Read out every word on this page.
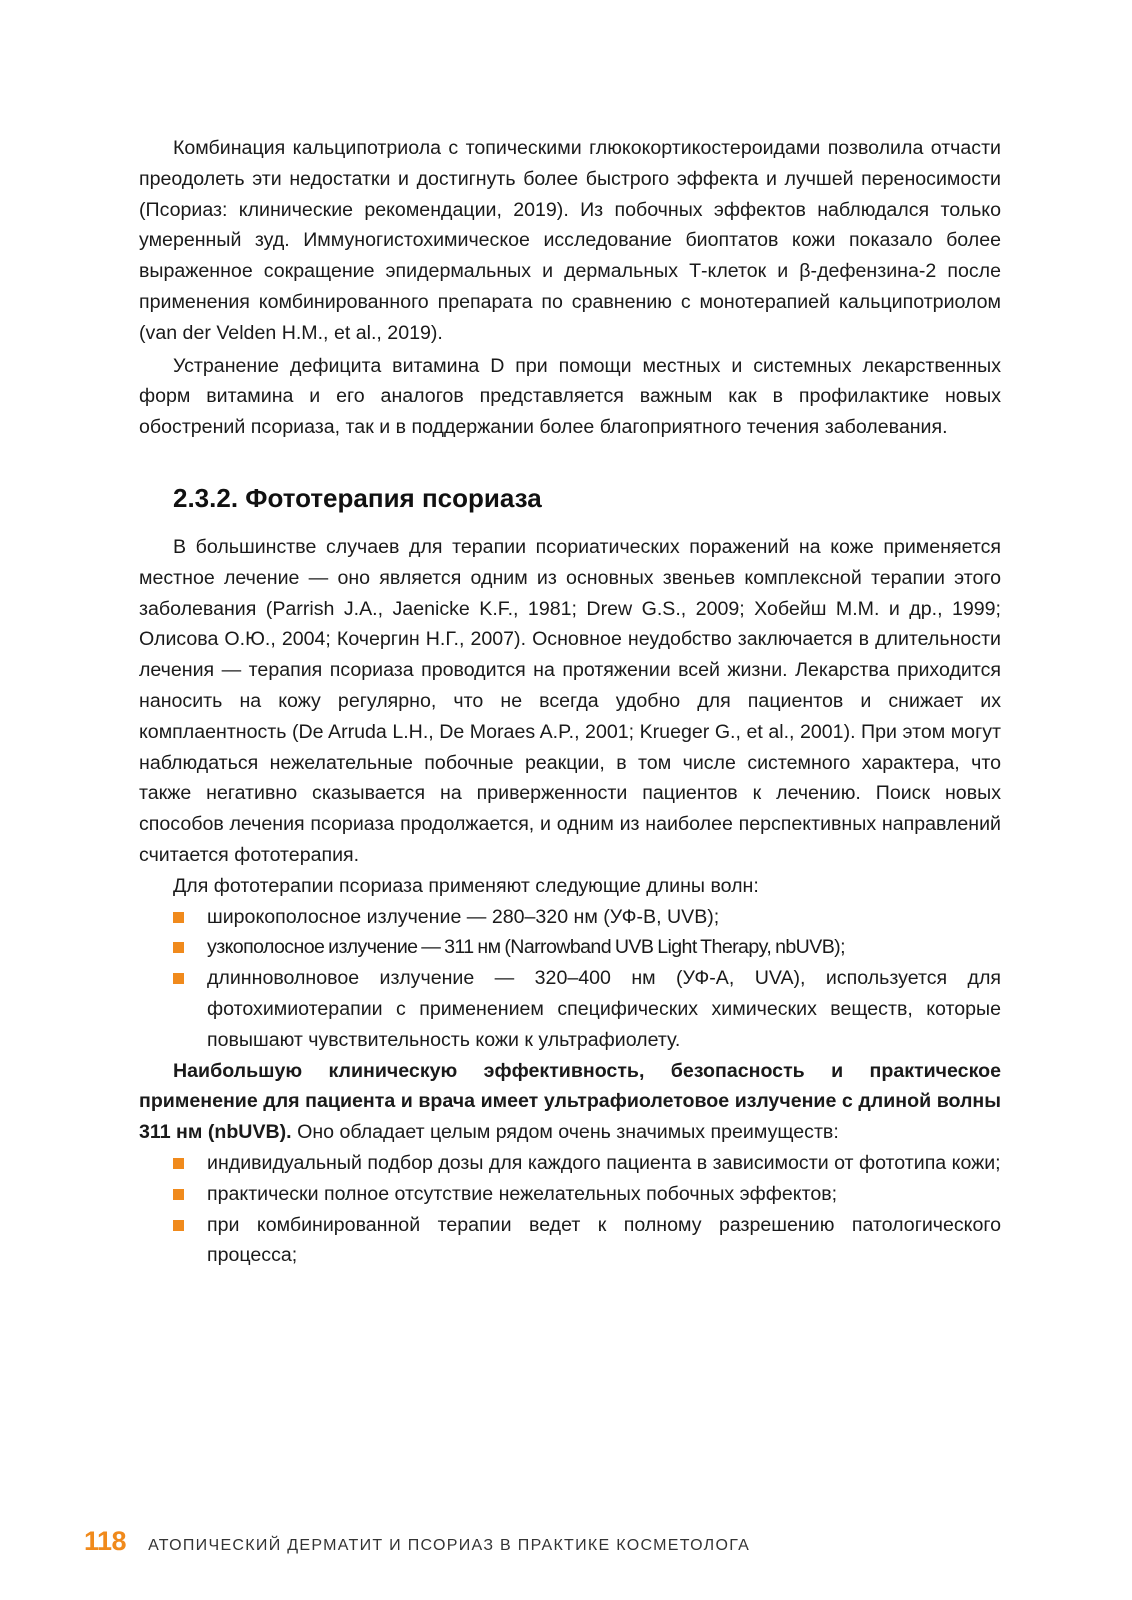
Комбинация кальципотриола с топическими глюкокортикостероидами позволила отчасти преодолеть эти недостатки и достигнуть более быстрого эффекта и лучшей переносимости (Псориаз: клинические рекомендации, 2019). Из побочных эффектов наблюдался только умеренный зуд. Иммуногистохимическое исследование биоптатов кожи показало более выраженное сокращение эпидермальных и дермальных Т-клеток и β-дефензина-2 после применения комбинированного препарата по сравнению с монотерапией кальципотриолом (van der Velden H.M., et al., 2019).

Устранение дефицита витамина D при помощи местных и системных лекарственных форм витамина и его аналогов представляется важным как в профилактике новых обострений псориаза, так и в поддержании более благоприятного течения заболевания.

2.3.2. Фототерапия псориаза

В большинстве случаев для терапии псориатических поражений на коже применяется местное лечение — оно является одним из основных звеньев комплексной терапии этого заболевания (Parrish J.A., Jaenicke K.F., 1981; Drew G.S., 2009; Хобейш М.М. и др., 1999; Олисова О.Ю., 2004; Кочергин Н.Г., 2007). Основное неудобство заключается в длительности лечения — терапия псориаза проводится на протяжении всей жизни. Лекарства приходится наносить на кожу регулярно, что не всегда удобно для пациентов и снижает их комплаентность (De Arruda L.H., De Moraes A.P., 2001; Krueger G., et al., 2001). При этом могут наблюдаться нежелательные побочные реакции, в том числе системного характера, что также негативно сказывается на приверженности пациентов к лечению. Поиск новых способов лечения псориаза продолжается, и одним из наиболее перспективных направлений считается фототерапия.

Для фототерапии псориаза применяют следующие длины волн:

широкополосное излучение — 280–320 нм (УФ-В, UVB);
узкополосное излучение — 311 нм (Narrowband UVB Light Therapy, nbUVB);
длинноволновое излучение — 320–400 нм (УФ-А, UVA), используется для фотохимиотерапии с применением специфических химических веществ, которые повышают чувствительность кожи к ультрафиолету.

Наибольшую клиническую эффективность, безопасность и практическое применение для пациента и врача имеет ультрафиолетовое излучение с длиной волны 311 нм (nbUVB). Оно обладает целым рядом очень значимых преимуществ:

индивидуальный подбор дозы для каждого пациента в зависимости от фототипа кожи;
практически полное отсутствие нежелательных побочных эффектов;
при комбинированной терапии ведет к полному разрешению патологического процесса;
118 АТОПИЧЕСКИЙ ДЕРМАТИТ И ПСОРИАЗ В ПРАКТИКЕ КОСМЕТОЛОГА
